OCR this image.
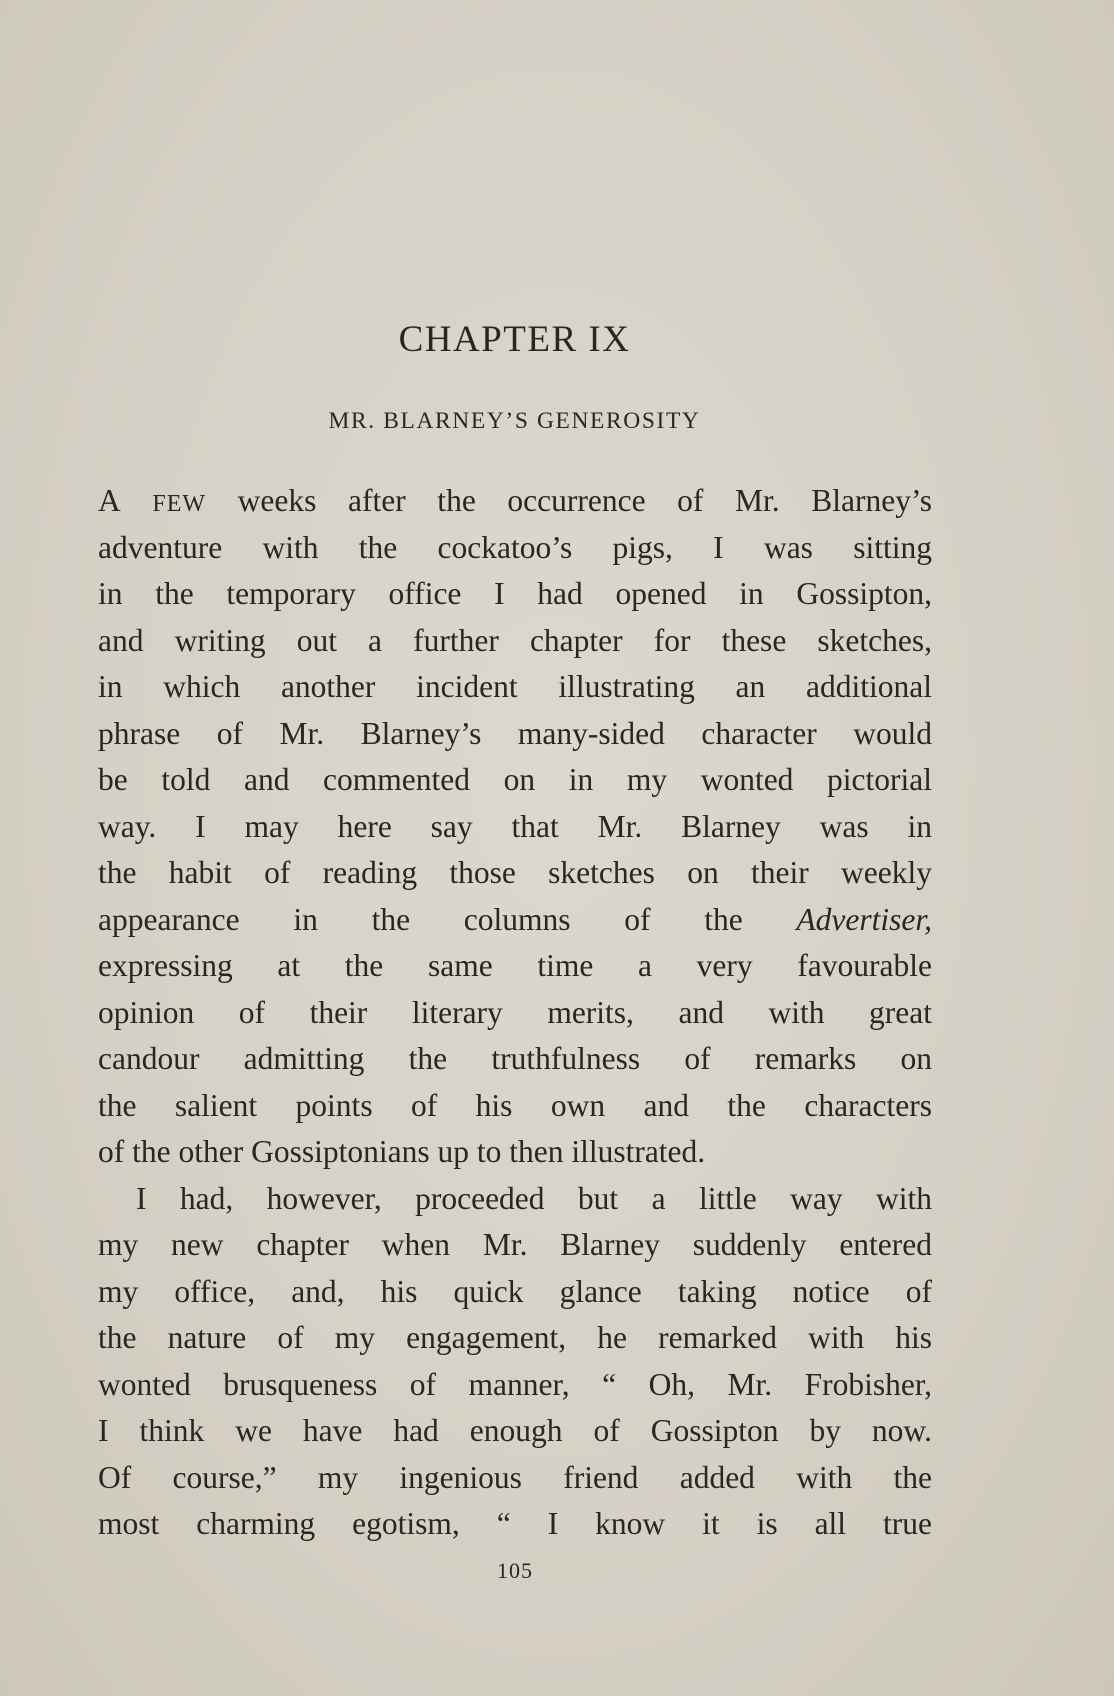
CHAPTER IX
MR. BLARNEY’S GENEROSITY
A FEW weeks after the occurrence of Mr. Blarney’s
adventure with the cockatoo’s pigs, I was sitting
in the temporary office I had opened in Gossipton,
and writing out a further chapter for these sketches,
in which another incident illustrating an additional
phrase of Mr. Blarney’s many-sided character would
be told and commented on in my wonted pictorial
way. I may here say that Mr. Blarney was in
the habit of reading those sketches on their weekly
appearance in the columns of the Advertiser,
expressing at the same time a very favourable
opinion of their literary merits, and with great
candour admitting the truthfulness of remarks on
the salient points of his own and the characters
of the other Gossiptonians up to then illustrated.
I had, however, proceeded but a little way with
my new chapter when Mr. Blarney suddenly entered
my office, and, his quick glance taking notice of
the nature of my engagement, he remarked with his
wonted brusqueness of manner, “ Oh, Mr. Frobisher,
I think we have had enough of Gossipton by now.
Of course,” my ingenious friend added with the
most charming egotism, “ I know it is all true
105
